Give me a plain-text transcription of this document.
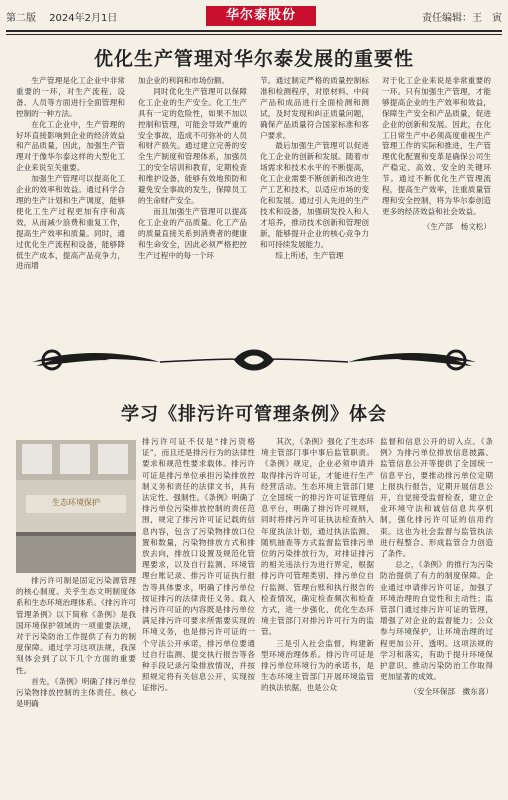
第二版 2024年2月1日	华尔泰股份	责任编辑：王　寅
优化生产管理对华尔泰发展的重要性

生产管理是化工企业中非常重要的一环，对生产流程、设备、人员等方面进行全面管理和控制的一种方法。

在化工企业中，生产管理的好坏直接影响到企业的经济效益和产品质量，因此，加强生产管理对于像华尔泰这样的大型化工企业来说至关重要。

加强生产管理可以提高化工企业的效率和效益。通过科学合理的生产计划和生产调度，能够使化工生产过程更加有序和高效，从而减少浪费和重复工作，提高生产效率和质量。同时，通过优化生产流程和设备，能够降低生产成本，提高产品竞争力，进而增

加企业的利润和市场份额。

同时优化生产管理可以保障化工企业的生产安全。化工生产具有一定的危险性，如果不加以控制和管理，可能会导致严重的安全事故，造成不可弥补的人员和财产损失。通过建立完善的安全生产制度和管理体系，加强员工的安全培训和教育，定期检查和维护设备，能够有效地预防和避免安全事故的发生，保障员工的生命财产安全。

而且加强生产管理可以提高化工企业的产品质量。化工产品的质量直接关系到消费者的健康和生命安全，因此必须严格把控生产过程中的每一个环

节。通过制定严格的质量控制标准和检测程序，对原材料、中间产品和成品进行全面检测和测试，及时发现和纠正质量问题，确保产品质量符合国家标准和客户要求。

最后加强生产管理可以促进化工企业的创新和发展。随着市场需求和技术水平的不断提高，化工企业需要不断创新和改进生产工艺和技术，以适应市场的变化和发展。通过引入先进的生产技术和设备，加强研发投入和人才培养，推动技术创新和管理创新，能够提升企业的核心竞争力和可持续发展能力。

综上所述，生产管理

对于化工企业来说是非常重要的一环。只有加强生产管理，才能够提高企业的生产效率和效益，保障生产安全和产品质量，促进企业的创新和发展。因此，在化工日常生产中必须高度重视生产管理工作的实际和推进，生产管理优化配置和变革是确保公司生产稳定、高效、安全的关键环节。通过不断优化生产管理流程，提高生产效率，注重质量管理和安全控制，将为华尔泰创造更多的经济效益和社会效益。

（生产部　杨文松）

学习《排污许可管理条例》体会
生态环境保护

排污许可制是固定污染源管理的核心制度。关乎生态文明制度体系和生态环境治理体系。《排污许可管理条例》以下简称《条例》是我国环境保护领域的一项重要法规，对于污染防治工作提供了有力的制度保障。通过学习这项法规，我深刻体会到了以下几个方面的重要性。

首先，《条例》明确了排污单位污染物排放控制的主体责任。核心是明确

排污许可证不仅是“排污资格证”，而且还是排污行为的法律性要求和规范性要求载体。排污许可证是排污单位承担污染排放控制义务和责任的法律文书，具有法定性、强制性。《条例》明确了排污单位污染排放控制的责任范围，规定了排污许可证记载的信息内容，包含了污染物排放口位置和数量，污染物排放方式和排放去向，排放口设置及规范化管理要求，以及自行监测、环境管理台账记录、排污许可证执行报告等具体要求，明确了排污单位按证排污的法律责任义务。载入排污许可证的内容既是排污单位满足排污许可要求所需要实现的环境义务，也是排污许可证的一个守法公开承诺，排污单位要通过自行监测、提交执行报告等各种手段记录污染排放情况，并按照规定将有关信息公开，实现按证排污。

其次，《条例》强化了生态环境主管部门事中事后监管职责。《条例》规定，企业必须申请并取得排污许可证，才能进行生产经营活动。生态环境主管部门建立全国统一的排污许可证管理信息平台，明确了排污许可规则，同时将排污许可证执法检查纳入年度执法计划，通过执法监测、随机抽查等方式监督监管排污单位的污染排放行为，对排证排污的相关违法行为进行界定，根据排污许可管理类别、排污单位自行监测、管理台账和执行报告的检查情况，确定检查频次和检查方式，进一步强化、优化生态环境主管部门对排污许可行为的监管。

三是引入社会监督，构建新型环境治理体系。排污许可证是排污单位环境行为的承诺书，是生态环境主管部门开展环境监管的执法依据，也是公众

监督和信息公开的切入点。《条例》为排污单位排放信息披露、监管信息公开等提供了全国统一信息平台，要推动排污单位定期上报执行报告，定期开展信息公开，自觉接受监督检查，建立企业环境守法和诚信信息共享机制，强化排污许可证的信用约束。这也为社会监督与监管执法进行程整合、形成监管合力创造了条件。

总之，《条例》的推行为污染防治提供了有力的制度保障。企业通过申请排污许可证，加强了环境治理的自觉性和主动性；监管部门通过排污许可证的管理，增强了对企业的监督能力；公众参与环境保护，让环境治理的过程更加公开、透明。这项法规的学习和落实，有助于提升环境保护意识、推动污染防治工作取得更加显著的成效。

（安全环保部　擞东喜）
